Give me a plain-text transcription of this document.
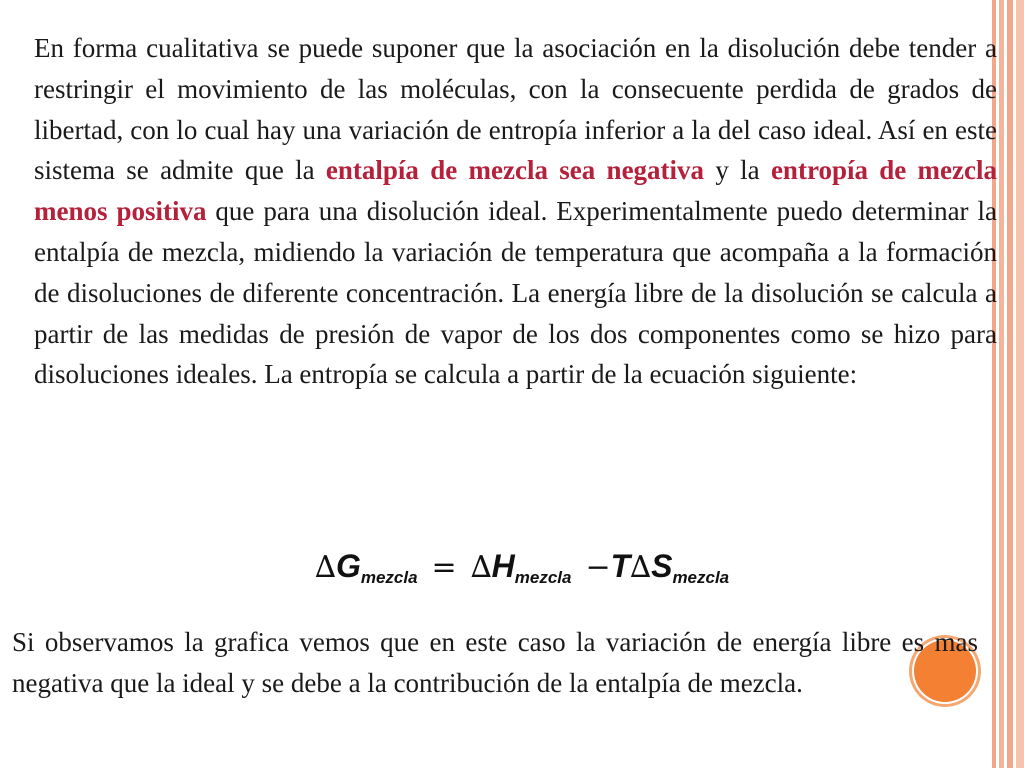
En forma cualitativa se puede suponer que la asociación en la disolución debe tender a restringir el movimiento de las moléculas, con la consecuente perdida de grados de libertad, con lo cual hay una variación de entropía inferior a la del caso ideal. Así en este sistema se admite que la entalpía de mezcla sea negativa y la entropía de mezcla menos positiva que para una disolución ideal. Experimentalmente puedo determinar la entalpía de mezcla, midiendo la variación de temperatura que acompaña a la formación de disoluciones de diferente concentración. La energía libre de la disolución se calcula a partir de las medidas de presión de vapor de los dos componentes como se hizo para disoluciones ideales. La entropía se calcula a partir de la ecuación siguiente:

$\Delta G_{mezcla} = \Delta H_{mezcla} -T\Delta S_{mezcla}$

Si observamos la grafica vemos que en este caso la variación de energía libre es mas negativa que la ideal y se debe a la contribución de la entalpía de mezcla.
